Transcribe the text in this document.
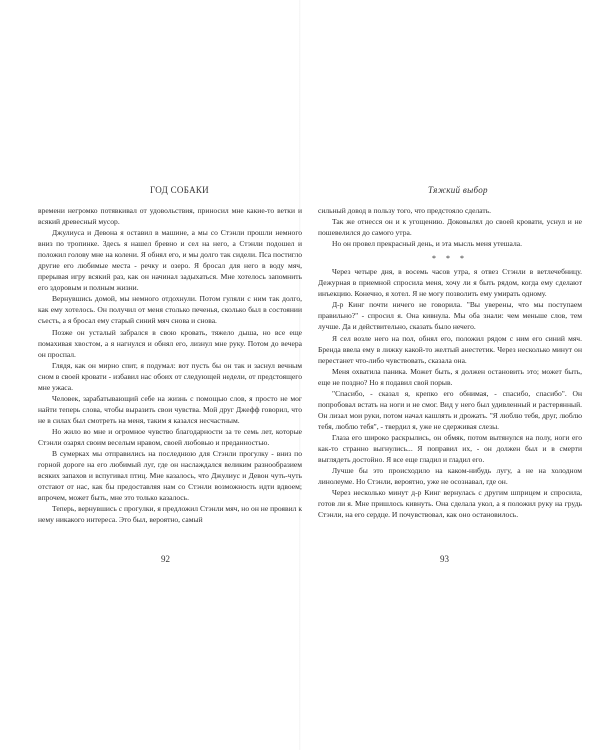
ГОД СОБАКИ

времени негромко потявкивал от удовольствия, приносил мне какие-то ветки и всякий древесный мусор.

Джулиуса и Девона я оставил в машине, а мы со Стэнли прошли немного вниз по тропинке. Здесь я нашел бревно и сел на него, а Стэнли подошел и положил голову мне на колени. Я обнял его, и мы долго так сидели. Пса постигло другие его любимые места - речку и озеро. Я бросал для него в воду мяч, прерывая игру всякий раз, как он начинал задыхаться. Мне хотелось запомнить его здоровым и полным жизни.

Вернувшись домой, мы немного отдохнули. Потом гуляли с ним так долго, как ему хотелось. Он получил от меня столько печенья, сколько был в состоянии съесть, а я бросал ему старый синий мяч снова и снова.

Позже он усталый забрался в свою кровать, тяжело дыша, но все еще помахивая хвостом, а я нагнулся и обнял его, лизнул мне руку. Потом до вечера он проспал.

Глядя, как он мирно спит, я подумал: вот пусть бы он так и заснул вечным сном в своей кровати - избавил нас обоих от следующей недели, от предстоящего мне ужаса.

Человек, зарабатывающий себе на жизнь с помощью слов, я просто не мог найти теперь слова, чтобы выразить свои чувства. Мой друг Джефф говорил, что не в силах был смотреть на меня, таким я казался несчастным.

Но жило во мне и огромное чувство благодарности за те семь лет, которые Стэнли озарял своим веселым нравом, своей любовью и преданностью.

В сумерках мы отправились на последнюю для Стэнли прогулку - вниз по горной дороге на его любимый луг, где он наслаждался великим разнообразием всяких запахов и вспугивал птиц. Мне казалось, что Джулиус и Девон чуть-чуть отстают от нас, как бы предоставляя нам со Стэнли возможность идти вдвоем; впрочем, может быть, мне это только казалось.

Теперь, вернувшись с прогулки, я предложил Стэнли мяч, но он не проявил к нему никакого интереса. Это был, вероятно, самый

92
Тяжкий выбор

сильный довод в пользу того, что предстояло сделать.

Так же отнесся он и к угощению. Доковылял до своей кровати, уснул и не пошевелился до самого утра.

Но он провел прекрасный день, и эта мысль меня утешала.

* * *

Через четыре дня, в восемь часов утра, я отвез Стэнли в ветлечебницу. Дежурная в приемной спросила меня, хочу ли я быть рядом, когда ему сделают инъекцию. Конечно, я хотел. Я не могу позволить ему умирать одному.

Д-р Кинг почти ничего не говорила. "Вы уверены, что мы поступаем правильно?" - спросил я. Она кивнула. Мы оба знали: чем меньше слов, тем лучше. Да и действительно, сказать было нечего.

Я сел возле него на пол, обнял его, положил рядом с ним его синий мяч. Бренда ввела ему в лижку какой-то желтый анестетик. Через несколько минут он перестанет что-либо чувствовать, сказала она.

Меня охватила паника. Может быть, я должен остановить это; может быть, еще не поздно? Но я подавил свой порыв.

"Спасибо, - сказал я, крепко его обнимая, - спасибо, спасибо". Он попробовал встать на ноги и не смог. Вид у него был удивленный и растерянный. Он лизал мои руки, потом начал кашлять и дрожать. "Я люблю тебя, друг, люблю тебя, люблю тебя", - твердил я, уже не сдерживая слезы.

Глаза его широко раскрылись, он обмяк, потом вытянулся на полу, ноги его как-то странно выгнулись... Я поправил их, - он должен был и в смерти выглядеть достойно. Я все еще гладил и гладил его.

Лучше бы это происходило на каком-нибудь лугу, а не на холодном линолеуме. Но Стэнли, вероятно, уже не осознавал, где он.

Через несколько минут д-р Кинг вернулась с другим шприцем и спросила, готов ли я. Мне пришлось кивнуть. Она сделала укол, а я положил руку на грудь Стэнли, на его сердце. И почувствовал, как оно остановилось.

93
